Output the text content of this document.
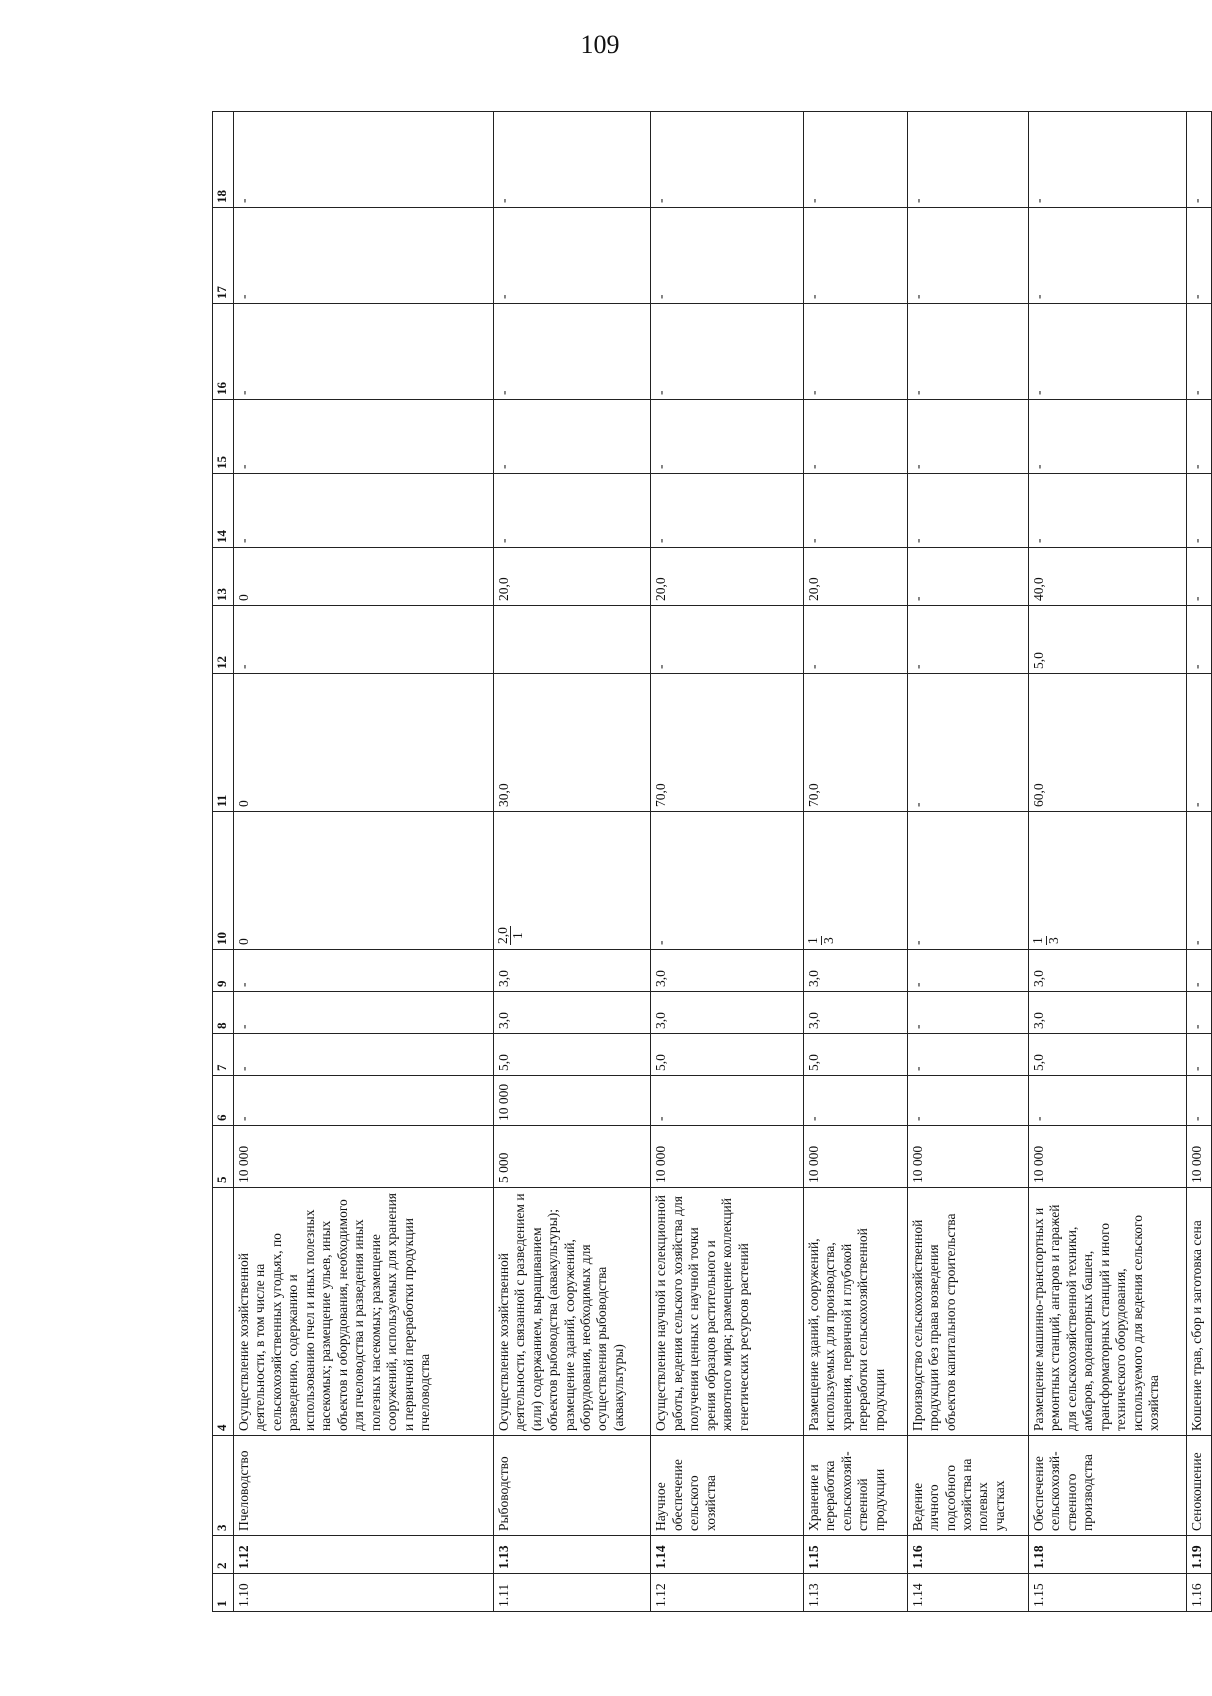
109
1	2	3	4	5	6	7	8	9	10	11	12	13	14	15	16	17	18
1.10	1.12	Пчеловодство	Осуществление хозяйственной деятельности, в том числе на сельскохозяйственных угодьях, по разведению, содержанию и использованию пчел и иных полезных насекомых; размещение ульев, иных объектов и оборудования, необходимого для пчеловодства и разведения иных полезных насекомых; размещение сооружений, используемых для хранения и первичной переработки продукции пчеловодства	10 000	-	-	-	-	0	0	-	0	-	-	-	-	-
1.11	1.13	Рыбоводство	Осуществление хозяйственной деятельности, связанной с разведением и (или) содержанием, выращиванием объектов рыбоводства (аквакультуры); размещение зданий, сооружений, оборудования, необходимых для осуществления рыбоводства (аквакультуры)	5 000	10 000	5,0	3,0	3,0	2,0 1	30,0		20,0	-	-	-	-	-
1.12	1.14	Научное обеспечение сельского хозяйства	Осуществление научной и селекционной работы, ведения сельского хозяйства для получения ценных с научной точки зрения образцов растительного и животного мира; размещение коллекций генетических ресурсов растений	10 000	-	5,0	3,0	3,0	-	70,0	-	20,0	-	-	-	-	-
1.13	1.15	Хранение и переработка сельскохозяй-ственной продукции	Размещение зданий, сооружений, используемых для производства, хранения, первичной и глубокой переработки сельскохозяйственной продукции	10 000	-	5,0	3,0	3,0	1 3	70,0	-	20,0	-	-	-	-	-
1.14	1.16	Ведение личного подсобного хозяйства на полевых участках	Производство сельскохозяйственной продукции без права возведения объектов капитального строительства	10 000	-	-	-	-	-	-	-	-	-	-	-	-	-
1.15	1.18	Обеспечение сельскохозяй-ственного производства	Размещение машинно-транспортных и ремонтных станций, ангаров и гаражей для сельскохозяйственной техники, амбаров, водонапорных башен, трансформаторных станций и иного технического оборудования, используемого для ведения сельского хозяйства	10 000	-	5,0	3,0	3,0	1 3	60,0	5,0	40,0	-	-	-	-	-
1.16	1.19	Сенокошение	Кошение трав, сбор и заготовка сена	10 000	-	-	-	-	-	-	-	-	-	-	-	-	-
